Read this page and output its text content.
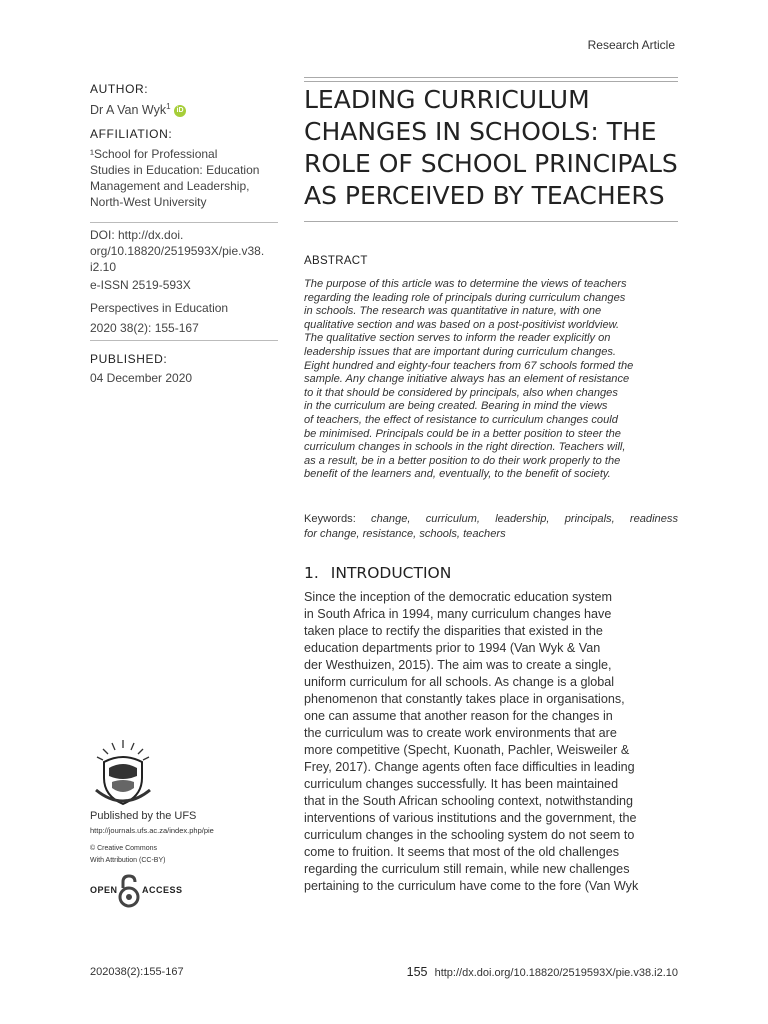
Research Article
AUTHOR:
Dr A Van Wyk$^1$ iD
AFFILIATION:
¹School for Professional
Studies in Education: Education
Management and Leadership,
North-West University
DOI: http://dx.doi.
org/10.18820/2519593X/pie.v38.
i2.10
e-ISSN 2519-593X
Perspectives in Education
2020 38(2): 155-167
PUBLISHED:
04 December 2020
Published by the UFS
http://journals.ufs.ac.za/index.php/pie
© Creative Commons
With Attribution (CC-BY)
OPEN	ACCESS
LEADING CURRICULUM
CHANGES IN SCHOOLS: THE
ROLE OF SCHOOL PRINCIPALS
AS PERCEIVED BY TEACHERS
ABSTRACT
The purpose of this article was to determine the views of teachers
regarding the leading role of principals during curriculum changes
in schools. The research was quantitative in nature, with one
qualitative section and was based on a post-positivist worldview.
The qualitative section serves to inform the reader explicitly on
leadership issues that are important during curriculum changes.
Eight hundred and eighty-four teachers from 67 schools formed the
sample. Any change initiative always has an element of resistance
to it that should be considered by principals, also when changes
in the curriculum are being created. Bearing in mind the views
of teachers, the effect of resistance to curriculum changes could
be minimised. Principals could be in a better position to steer the
curriculum changes in schools in the right direction. Teachers will,
as a result, be in a better position to do their work properly to the
benefit of the learners and, eventually, to the benefit of society.
Keywords: change, curriculum, leadership, principals, readiness
for change, resistance, schools, teachers
1. INTRODUCTION
Since the inception of the democratic education system
in South Africa in 1994, many curriculum changes have
taken place to rectify the disparities that existed in the
education departments prior to 1994 (Van Wyk & Van
der Westhuizen, 2015). The aim was to create a single,
uniform curriculum for all schools. As change is a global
phenomenon that constantly takes place in organisations,
one can assume that another reason for the changes in
the curriculum was to create work environments that are
more competitive (Specht, Kuonath, Pachler, Weisweiler &
Frey, 2017). Change agents often face difficulties in leading
curriculum changes successfully. It has been maintained
that in the South African schooling context, notwithstanding
interventions of various institutions and the government, the
curriculum changes in the schooling system do not seem to
come to fruition. It seems that most of the old challenges
regarding the curriculum still remain, while new challenges
pertaining to the curriculum have come to the fore (Van Wyk
202038(2):155-167	155 http://dx.doi.org/10.18820/2519593X/pie.v38.i2.10
